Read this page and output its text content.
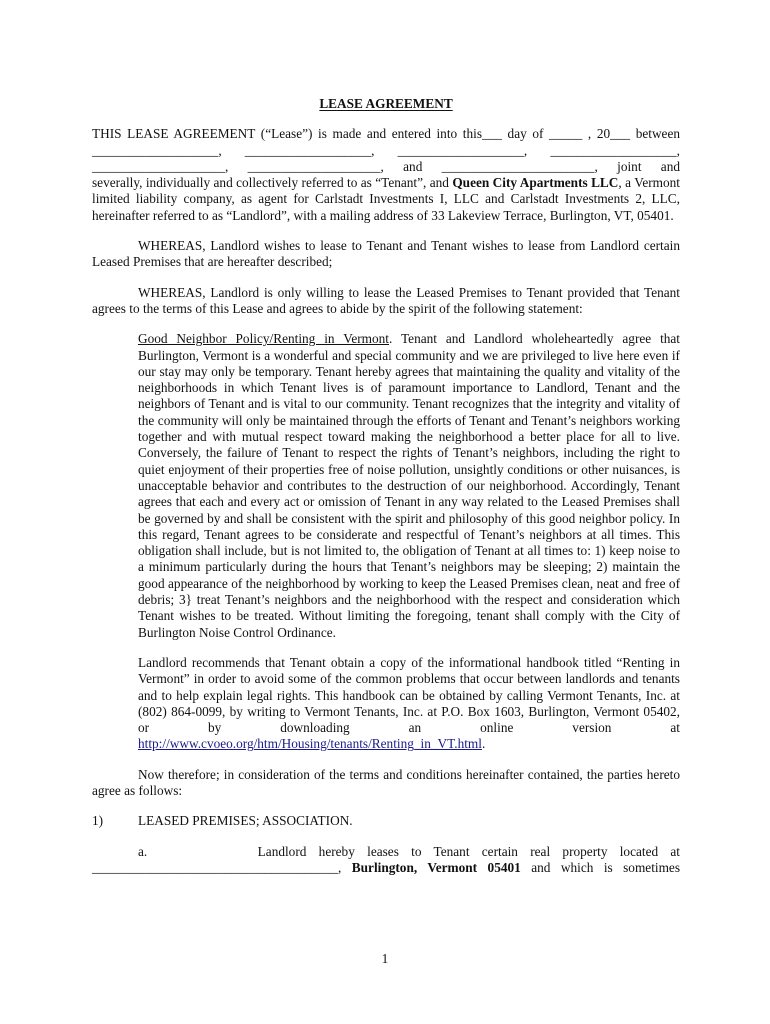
LEASE AGREEMENT

THIS LEASE AGREEMENT (“Lease”) is made and entered into this___ day of _____ , 20___ between

___________________, ___________________, ___________________, ___________________,

____________________, ____________________, and _______________________, joint and

severally, individually and collectively referred to as “Tenant”, and Queen City Apartments LLC, a Vermont limited liability company, as agent for Carlstadt Investments I, LLC and Carlstadt Investments 2, LLC, hereinafter referred to as “Landlord”, with a mailing address of 33 Lakeview Terrace, Burlington, VT, 05401.

WHEREAS, Landlord wishes to lease to Tenant and Tenant wishes to lease from Landlord certain Leased Premises that are hereafter described;

WHEREAS, Landlord is only willing to lease the Leased Premises to Tenant provided that Tenant agrees to the terms of this Lease and agrees to abide by the spirit of the following statement:

Good Neighbor Policy/Renting in Vermont. Tenant and Landlord wholeheartedly agree that Burlington, Vermont is a wonderful and special community and we are privileged to live here even if our stay may only be temporary. Tenant hereby agrees that maintaining the quality and vitality of the neighborhoods in which Tenant lives is of paramount importance to Landlord, Tenant and the neighbors of Tenant and is vital to our community. Tenant recognizes that the integrity and vitality of the community will only be maintained through the efforts of Tenant and Tenant’s neighbors working together and with mutual respect toward making the neighborhood a better place for all to live. Conversely, the failure of Tenant to respect the rights of Tenant’s neighbors, including the right to quiet enjoyment of their properties free of noise pollution, unsightly conditions or other nuisances, is unacceptable behavior and contributes to the destruction of our neighborhood. Accordingly, Tenant agrees that each and every act or omission of Tenant in any way related to the Leased Premises shall be governed by and shall be consistent with the spirit and philosophy of this good neighbor policy. In this regard, Tenant agrees to be considerate and respectful of Tenant’s neighbors at all times. This obligation shall include, but is not limited to, the obligation of Tenant at all times to: 1) keep noise to a minimum particularly during the hours that Tenant’s neighbors may be sleeping; 2) maintain the good appearance of the neighborhood by working to keep the Leased Premises clean, neat and free of debris; 3} treat Tenant’s neighbors and the neighborhood with the respect and consideration which Tenant wishes to be treated. Without limiting the foregoing, tenant shall comply with the City of Burlington Noise Control Ordinance.

Landlord recommends that Tenant obtain a copy of the informational handbook titled “Renting in Vermont” in order to avoid some of the common problems that occur between landlords and tenants and to help explain legal rights. This handbook can be obtained by calling Vermont Tenants, Inc. at (802) 864-0099, by writing to Vermont Tenants, Inc. at P.O. Box 1603, Burlington, Vermont 05402, or by downloading an online version at http://www.cvoeo.org/htm/Housing/tenants/Renting_in_VT.html.

Now therefore; in consideration of the terms and conditions hereinafter contained, the parties hereto agree as follows:

1)	LEASED PREMISES; ASSOCIATION.

a.	Landlord hereby leases to Tenant certain real property located at

_____________________________________, Burlington, Vermont 05401 and which is sometimes

1
